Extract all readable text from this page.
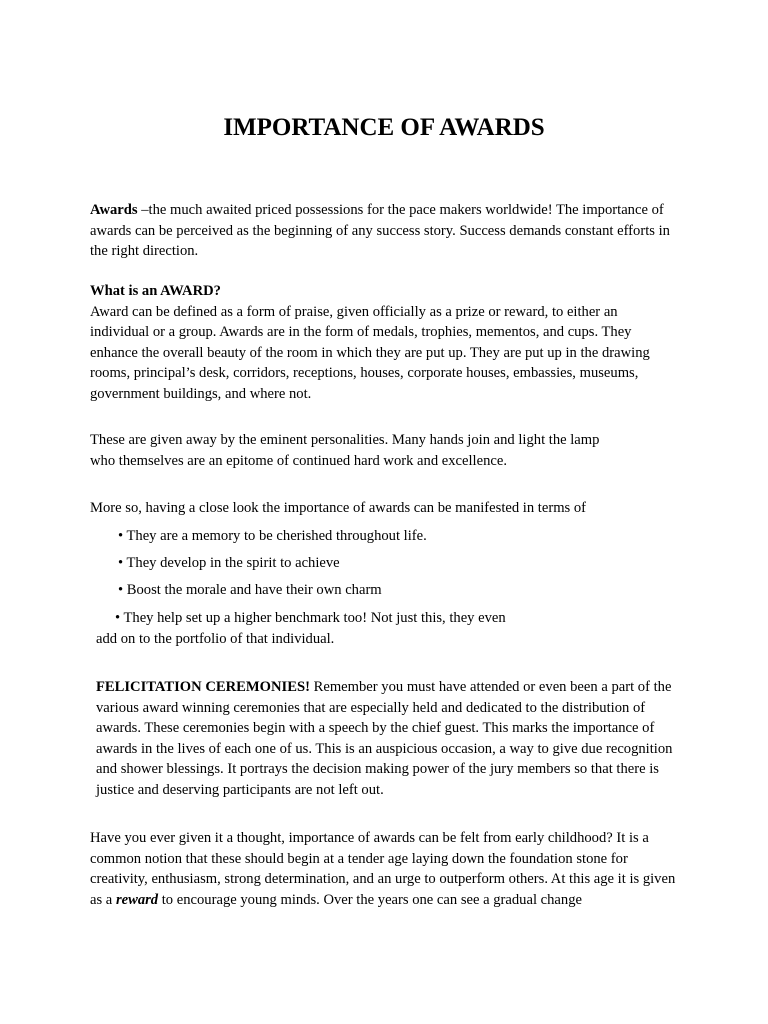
IMPORTANCE OF AWARDS

Awards –the much awaited priced possessions for the pace makers worldwide! The importance of awards can be perceived as the beginning of any success story. Success demands constant efforts in the right direction.

What is an AWARD?
Award can be defined as a form of praise, given officially as a prize or reward, to either an individual or a group. Awards are in the form of medals, trophies, mementos, and cups. They enhance the overall beauty of the room in which they are put up. They are put up in the drawing rooms, principal’s desk, corridors, receptions, houses, corporate houses, embassies, museums, government buildings, and where not.

These are given away by the eminent personalities. Many hands join and light the lamp
who themselves are an epitome of continued hard work and excellence.

More so, having a close look the importance of awards can be manifested in terms of

• They are a memory to be cherished throughout life.

• They develop in the spirit to achieve

• Boost the morale and have their own charm

• They help set up a higher benchmark too! Not just this, they even
add on to the portfolio of that individual.

FELICITATION CEREMONIES! Remember you must have attended or even been a part of the various award winning ceremonies that are especially held and dedicated to the distribution of awards. These ceremonies begin with a speech by the chief guest. This marks the importance of awards in the lives of each one of us. This is an auspicious occasion, a way to give due recognition and shower blessings. It portrays the decision making power of the jury members so that there is justice and deserving participants are not left out.

Have you ever given it a thought, importance of awards can be felt from early childhood? It is a common notion that these should begin at a tender age laying down the foundation stone for creativity, enthusiasm, strong determination, and an urge to outperform others. At this age it is given as a reward to encourage young minds. Over the years one can see a gradual change
